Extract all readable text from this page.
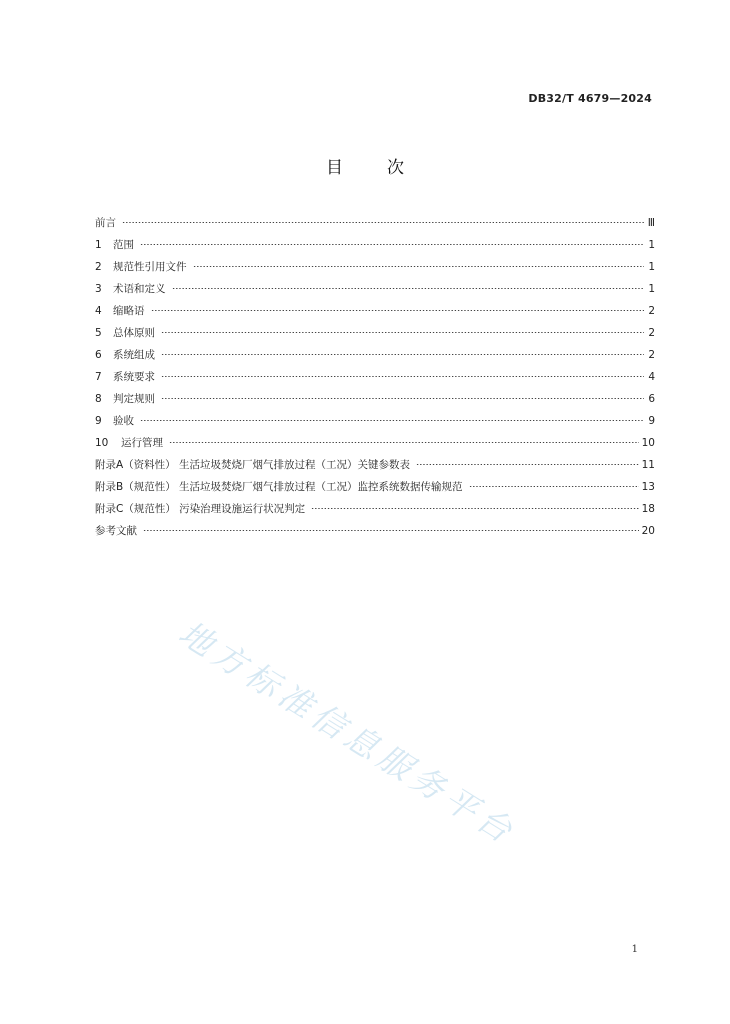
DB32/T 4679—2024
目	次
前言	Ⅲ
1	范围	1
2	规范性引用文件	1
3	术语和定义	1
4	缩略语	2
5	总体原则	2
6	系统组成	2
7	系统要求	4
8	判定规则	6
9	验收	9
10	运行管理	10
附录A（资料性） 生活垃圾焚烧厂烟气排放过程（工况）关键参数表	11
附录B（规范性） 生活垃圾焚烧厂烟气排放过程（工况）监控系统数据传输规范	13
附录C（规范性） 污染治理设施运行状况判定	18
参考文献	20
地方标准信息服务平台
1
